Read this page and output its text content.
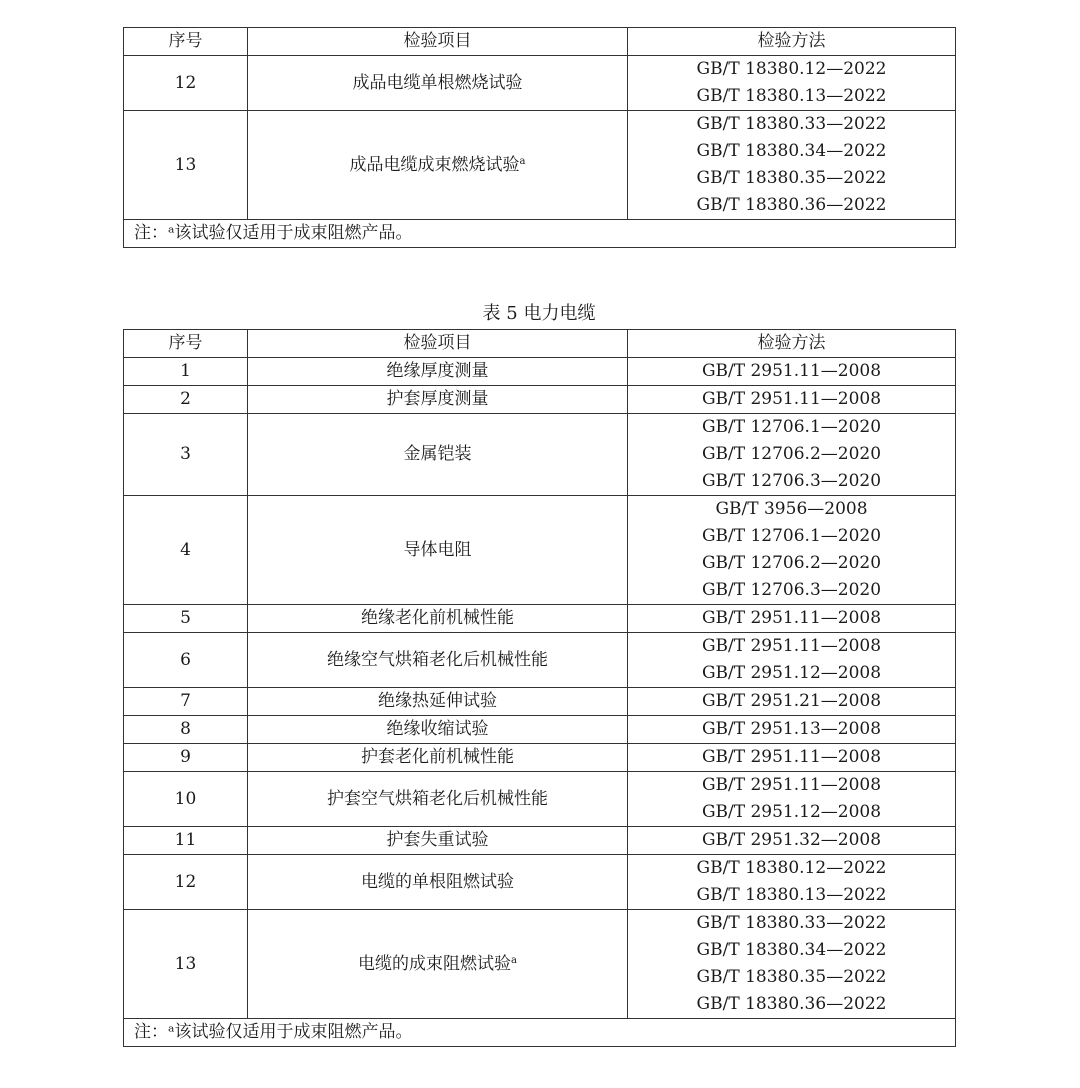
序号	检验项目	检验方法
12	成品电缆单根燃烧试验	GB/T 18380.12—2022
GB/T 18380.13—2022

13	成品电缆成束燃烧试验$^a$	GB/T 18380.33—2022
GB/T 18380.34—2022
GB/T 18380.35—2022
GB/T 18380.36—2022

注：ᵃ该试验仅适用于成束阻燃产品。		
表 5 电力电缆
序号	检验项目	检验方法
1	绝缘厚度测量	GB/T 2951.11—2008

2	护套厚度测量	GB/T 2951.11—2008

3	金属铠装	GB/T 12706.1—2020
GB/T 12706.2—2020
GB/T 12706.3—2020

4	导体电阻	GB/T 3956—2008
GB/T 12706.1—2020
GB/T 12706.2—2020
GB/T 12706.3—2020

5	绝缘老化前机械性能	GB/T 2951.11—2008

6	绝缘空气烘箱老化后机械性能	GB/T 2951.11—2008
GB/T 2951.12—2008

7	绝缘热延伸试验	GB/T 2951.21—2008

8	绝缘收缩试验	GB/T 2951.13—2008

9	护套老化前机械性能	GB/T 2951.11—2008

10	护套空气烘箱老化后机械性能	GB/T 2951.11—2008
GB/T 2951.12—2008

11	护套失重试验	GB/T 2951.32—2008

12	电缆的单根阻燃试验	GB/T 18380.12—2022
GB/T 18380.13—2022

13	电缆的成束阻燃试验$^a$	GB/T 18380.33—2022
GB/T 18380.34—2022
GB/T 18380.35—2022
GB/T 18380.36—2022

注：ᵃ该试验仅适用于成束阻燃产品。		
